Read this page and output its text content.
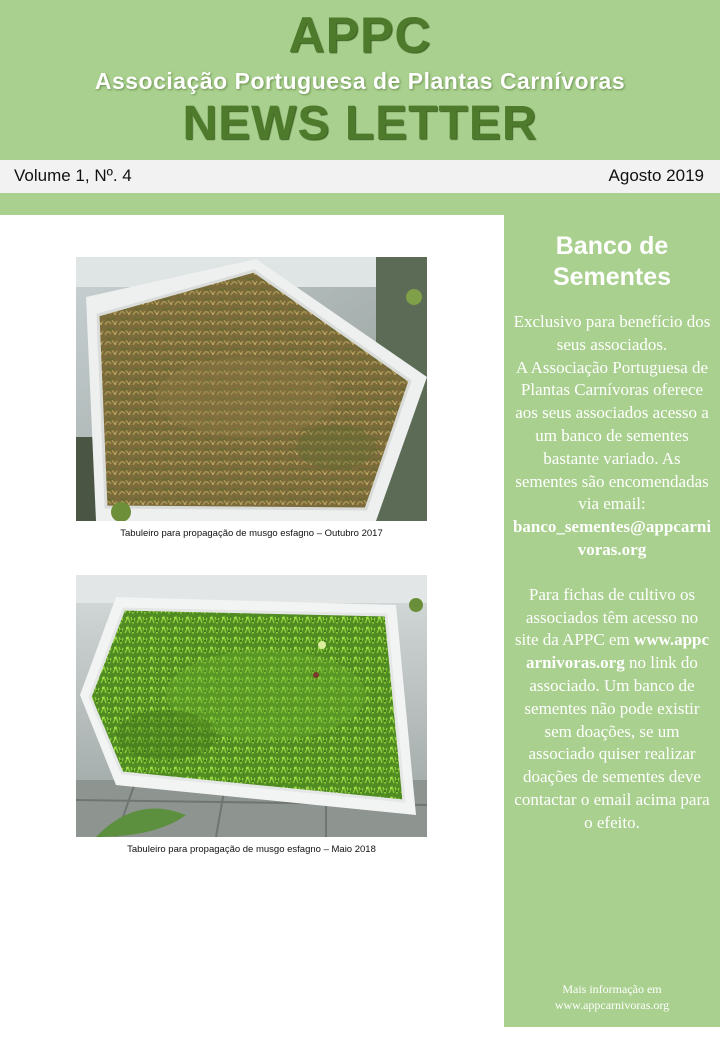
APPC
Associação Portuguesa de Plantas Carnívoras
NEWS LETTER
Volume 1, Nº. 4	Agosto 2019
Tabuleiro para propagação de musgo esfagno – Outubro 2017
Tabuleiro para propagação de musgo esfagno – Maio 2018
Banco de Sementes

Exclusivo para benefício dos seus associados.

A Associação Portuguesa de Plantas Carnívoras oferece aos seus associados acesso a um banco de sementes bastante variado. As sementes são encomendadas via email:

banco_sementes@appcarnivoras.org

Para fichas de cultivo os associados têm acesso no site da APPC em www.appcarnivoras.org no link do associado. Um banco de sementes não pode existir sem doações, se um associado quiser realizar doações de sementes deve contactar o email acima para o efeito.

Mais informação em www.appcarnivoras.org
